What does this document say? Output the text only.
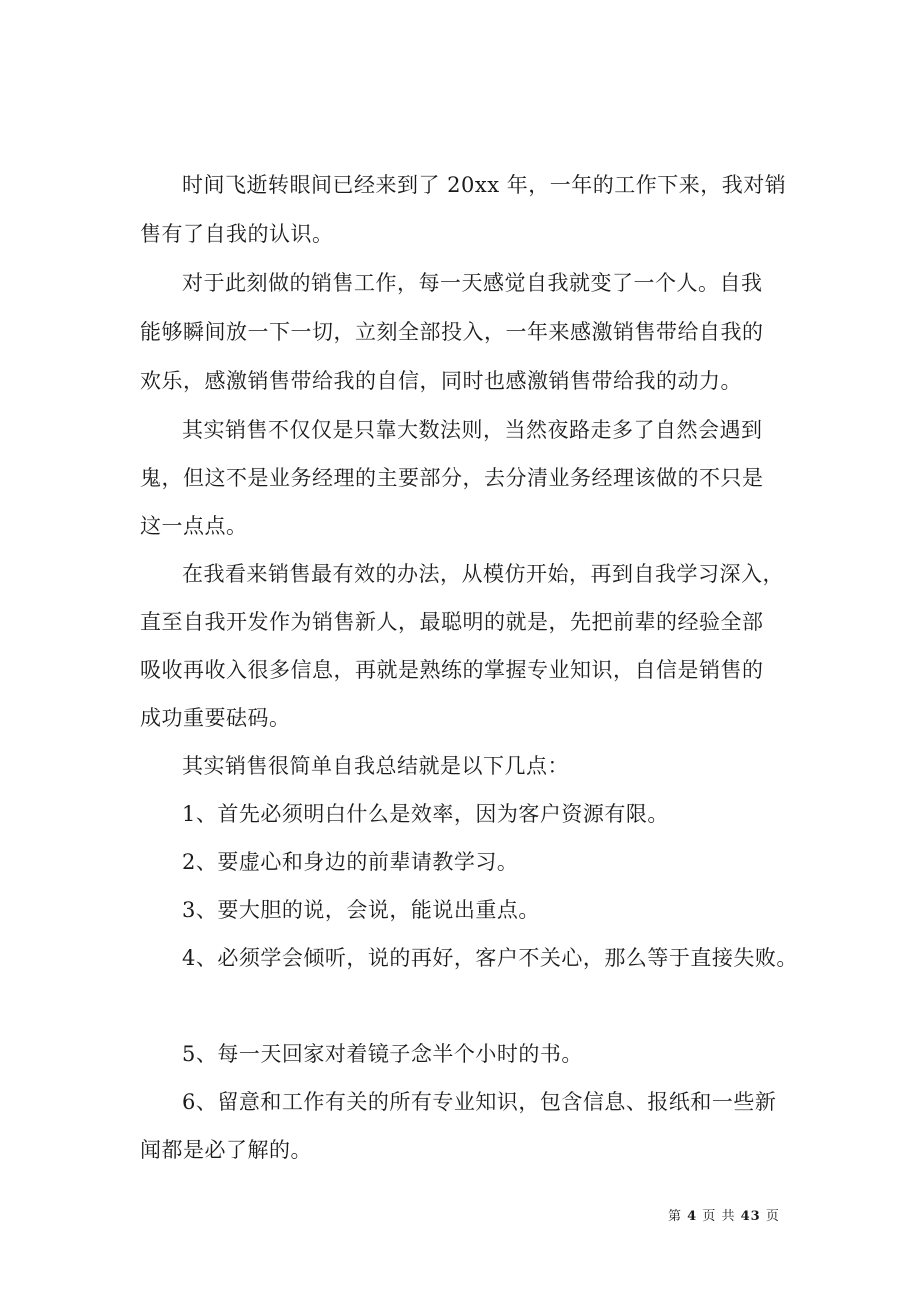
时间飞逝转眼间已经来到了 20xx 年，一年的工作下来，我对销
售有了自我的认识。
对于此刻做的销售工作，每一天感觉自我就变了一个人。自我
能够瞬间放一下一切，立刻全部投入，一年来感激销售带给自我的
欢乐，感激销售带给我的自信，同时也感激销售带给我的动力。
其实销售不仅仅是只靠大数法则，当然夜路走多了自然会遇到
鬼，但这不是业务经理的主要部分，去分清业务经理该做的不只是
这一点点。
在我看来销售最有效的办法，从模仿开始，再到自我学习深入，
直至自我开发作为销售新人，最聪明的就是，先把前辈的经验全部
吸收再收入很多信息，再就是熟练的掌握专业知识，自信是销售的
成功重要砝码。
其实销售很简单自我总结就是以下几点：
1、首先必须明白什么是效率，因为客户资源有限。
2、要虚心和身边的前辈请教学习。
3、要大胆的说，会说，能说出重点。
4、必须学会倾听，说的再好，客户不关心，那么等于直接失败。
5、每一天回家对着镜子念半个小时的书。
6、留意和工作有关的所有专业知识，包含信息、报纸和一些新
闻都是必了解的。
第 4 页 共 43 页
